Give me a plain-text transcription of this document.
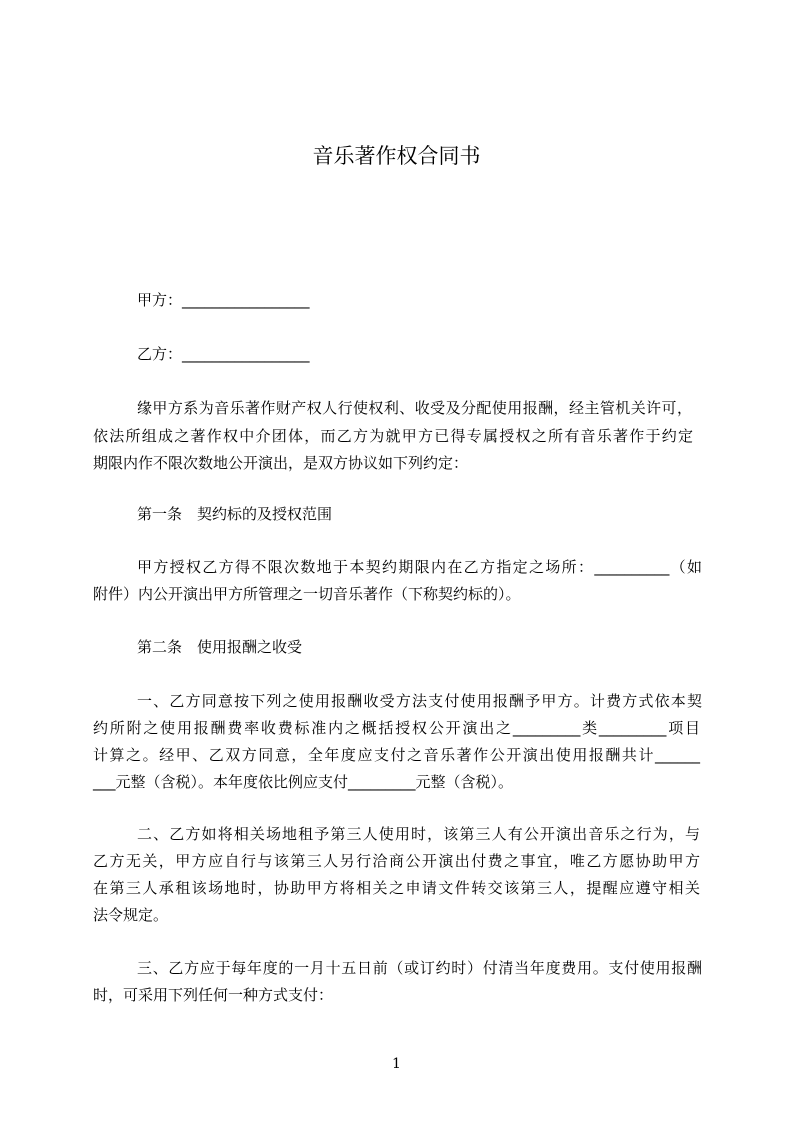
音乐著作权合同书
甲方：_________________
乙方：_________________
缘甲方系为音乐著作财产权人行使权利、收受及分配使用报酬，经主管机关许可，
依法所组成之著作权中介团体，而乙方为就甲方已得专属授权之所有音乐著作于约定
期限内作不限次数地公开演出，是双方协议如下列约定：
第一条　契约标的及授权范围
甲方授权乙方得不限次数地于本契约期限内在乙方指定之场所：__________（如
附件）内公开演出甲方所管理之一切音乐著作（下称契约标的）。
第二条　使用报酬之收受
一、乙方同意按下列之使用报酬收受方法支付使用报酬予甲方。计费方式依本契
约所附之使用报酬费率收费标准内之概括授权公开演出之_________类_________项目
计算之。经甲、乙双方同意，全年度应支付之音乐著作公开演出使用报酬共计______
___元整（含税）。本年度依比例应支付_________元整（含税）。
二、乙方如将相关场地租予第三人使用时，该第三人有公开演出音乐之行为，与
乙方无关，甲方应自行与该第三人另行洽商公开演出付费之事宜，唯乙方愿协助甲方
在第三人承租该场地时，协助甲方将相关之申请文件转交该第三人，提醒应遵守相关
法令规定。
三、乙方应于每年度的一月十五日前（或订约时）付清当年度费用。支付使用报酬
时，可采用下列任何一种方式支付：
1
